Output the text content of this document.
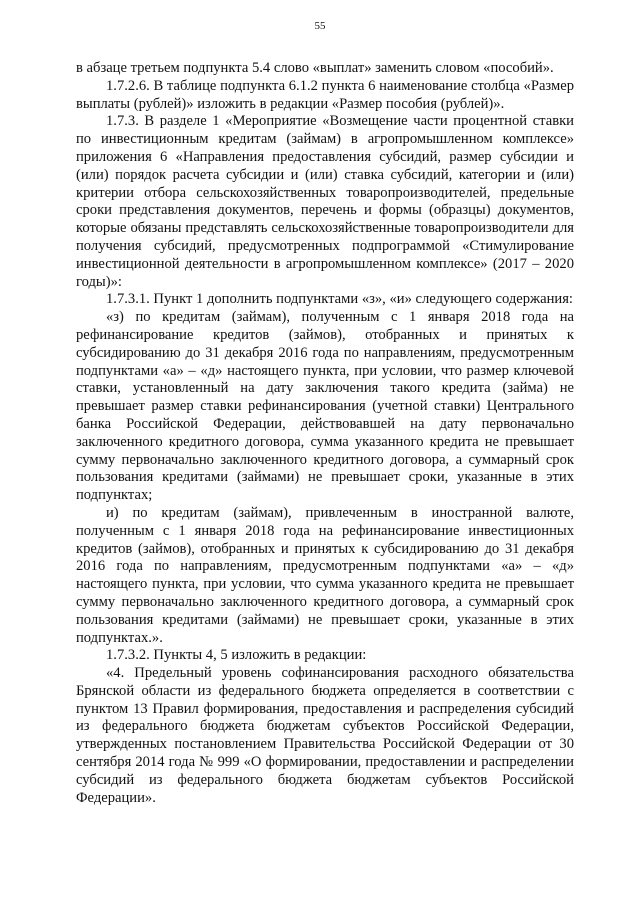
55

в абзаце третьем подпункта 5.4 слово «выплат» заменить словом «пособий».

1.7.2.6. В таблице подпункта 6.1.2 пункта 6 наименование столбца «Размер выплаты (рублей)» изложить в редакции «Размер пособия (рублей)».

1.7.3. В разделе 1 «Мероприятие «Возмещение части процентной ставки по инвестиционным кредитам (займам) в агропромышленном комплексе» приложения 6 «Направления предоставления субсидий, размер субсидии и (или) порядок расчета субсидии и (или) ставка субсидий, категории и (или) критерии отбора сельскохозяйственных товаропроизводителей, предельные сроки представления документов, перечень и формы (образцы) документов, которые обязаны представлять сельскохозяйственные товаропроизводители для получения субсидий, предусмотренных подпрограммой «Стимулирование инвестиционной деятельности в агропромышленном комплексе» (2017 – 2020 годы)»:

1.7.3.1. Пункт 1 дополнить подпунктами «з», «и» следующего содержания:

«з) по кредитам (займам), полученным с 1 января 2018 года на рефинансирование кредитов (займов), отобранных и принятых к субсидированию до 31 декабря 2016 года по направлениям, предусмотренным подпунктами «а» – «д» настоящего пункта, при условии, что размер ключевой ставки, установленный на дату заключения такого кредита (займа) не превышает размер ставки рефинансирования (учетной ставки) Центрального банка Российской Федерации, действовавшей на дату первоначально заключенного кредитного договора, сумма указанного кредита не превышает сумму первоначально заключенного кредитного договора, а суммарный срок пользования кредитами (займами) не превышает сроки, указанные в этих подпунктах;

и) по кредитам (займам), привлеченным в иностранной валюте, полученным с 1 января 2018 года на рефинансирование инвестиционных кредитов (займов), отобранных и принятых к субсидированию до 31 декабря 2016 года по направлениям, предусмотренным подпунктами «а» – «д» настоящего пункта, при условии, что сумма указанного кредита не превышает сумму первоначально заключенного кредитного договора, а суммарный срок пользования кредитами (займами) не превышает сроки, указанные в этих подпунктах.».

1.7.3.2. Пункты 4, 5 изложить в редакции:

«4. Предельный уровень софинансирования расходного обязательства Брянской области из федерального бюджета определяется в соответствии с пунктом 13 Правил формирования, предоставления и распределения субсидий из федерального бюджета бюджетам субъектов Российской Федерации, утвержденных постановлением Правительства Российской Федерации от 30 сентября 2014 года № 999 «О формировании, предоставлении и распределении субсидий из федерального бюджета бюджетам субъектов Российской Федерации».
